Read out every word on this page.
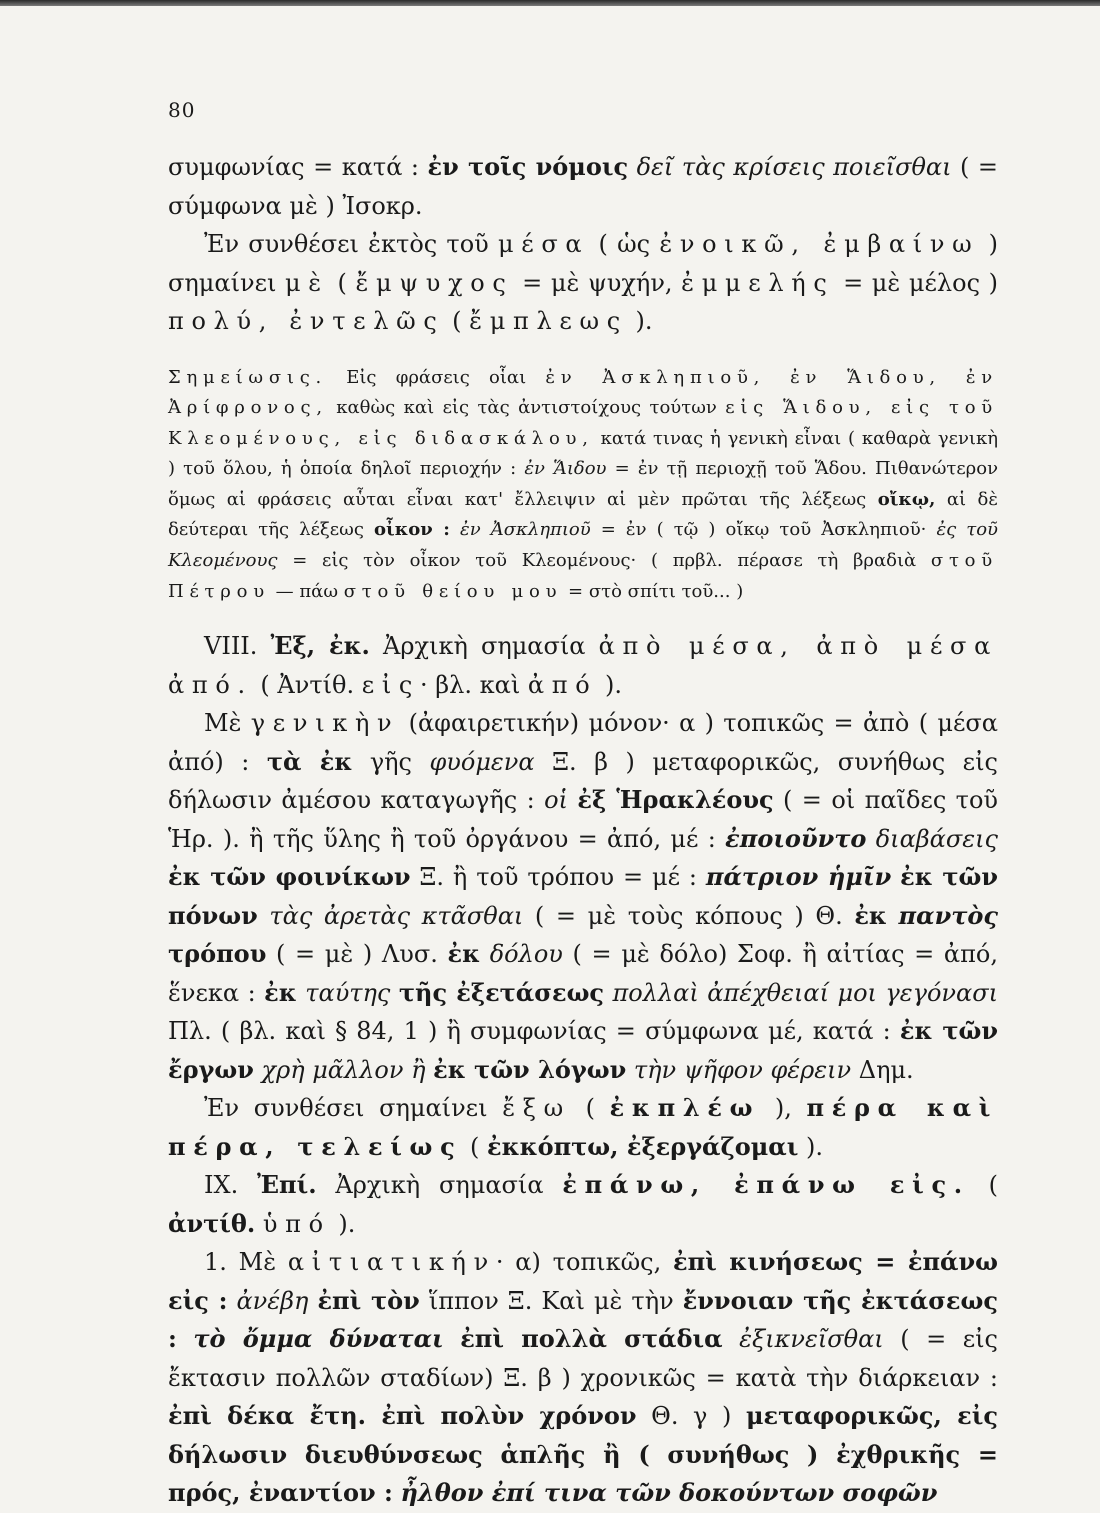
80
συμφωνίας = κατά : ἐν τοῖς νόμοις δεῖ τὰς κρίσεις ποιεῖσθαι ( = σύμφωνα μὲ ) Ἰσοκρ.
Ἐν συνθέσει ἐκτὸς τοῦ μέσα ( ὡς ἐνοικῶ, ἐμβαίνω ) σημαίνει μὲ ( ἔμψυχος = μὲ ψυχήν, ἐμμελής = μὲ μέλος ) πολύ, ἐντελῶς ( ἔμπλεως ).
Σημείωσις. Εἰς φράσεις οἷαι ἐν Ἀσκληπιοῦ, ἐν Ἅιδου, ἐν Ἀρίφρονος, καθὼς καὶ εἰς τὰς ἀντιστοίχους τούτων εἰς Ἅιδου, εἰς τοῦ Κλεομένους, εἰς διδασκάλου, κατά τινας ἡ γενικὴ εἶναι ( καθαρὰ γενικὴ ) τοῦ ὅλου, ἡ ὁποία δηλοῖ περιοχήν : ἐν Ἅιδου = ἐν τῇ περιοχῇ τοῦ Ἅδου. Πιθανώτερον ὅμως αἱ φράσεις αὗται εἶναι κατ' ἔλλειψιν αἱ μὲν πρῶται τῆς λέξεως οἴκῳ, αἱ δὲ δεύτεραι τῆς λέξεως οἶκον : ἐν Ἀσκληπιοῦ = ἐν ( τῷ ) οἴκῳ τοῦ Ἀσκληπιοῦ· ἐς τοῦ Κλεομένους = εἰς τὸν οἶκον τοῦ Κλεομένους· ( πρβλ. πέρασε τὴ βραδιὰ στοῦ Πέτρου — πάω στοῦ θείου μου = στὸ σπίτι τοῦ... )
VIII. Ἐξ, ἐκ. Ἀρχικὴ σημασία ἀπὸ μέσα, ἀπὸ μέσα ἀπό. ( Ἀντίθ. εἰς· βλ. καὶ ἀπό ).
Μὲ γενικὴν (ἀφαιρετικήν) μόνον· α ) τοπικῶς = ἀπὸ ( μέσα ἀπό) : τὰ ἐκ γῆς φυόμενα Ξ. β ) μεταφορικῶς, συνήθως εἰς δήλωσιν ἀμέσου καταγωγῆς : οἱ ἐξ Ἡρακλέους ( = οἱ παῖδες τοῦ Ἡρ. ). ἢ τῆς ὕλης ἢ τοῦ ὀργάνου = ἀπό, μέ : ἐποιοῦντο διαβάσεις ἐκ τῶν φοινίκων Ξ. ἢ τοῦ τρόπου = μέ : πάτριον ἡμῖν ἐκ τῶν πόνων τὰς ἀρετὰς κτᾶσθαι ( = μὲ τοὺς κόπους ) Θ. ἐκ παντὸς τρόπου ( = μὲ ) Λυσ. ἐκ δόλου ( = μὲ δόλο) Σοφ. ἢ αἰτίας = ἀπό, ἕνεκα : ἐκ ταύτης τῆς ἐξετάσεως πολλαὶ ἀπέχθειαί μοι γεγόνασι Πλ. ( βλ. καὶ § 84, 1 ) ἢ συμφωνίας = σύμφωνα μέ, κατά : ἐκ τῶν ἔργων χρὴ μᾶλλον ἢ ἐκ τῶν λόγων τὴν ψῆφον φέρειν Δημ.
Ἐν συνθέσει σημαίνει ἔξω ( ἐκπλέω ), πέρα καὶ πέρα, τελείως ( ἐκκόπτω, ἐξεργάζομαι ).
IX. Ἐπί. Ἀρχικὴ σημασία ἐπάνω, ἐπάνω εἰς. ( ἀντίθ. ὑπό ).
1. Μὲ αἰτιατικήν· α) τοπικῶς, ἐπὶ κινήσεως = ἐπάνω εἰς : ἀνέβη ἐπὶ τὸν ἵππον Ξ. Καὶ μὲ τὴν ἔννοιαν τῆς ἐκτάσεως : τὸ ὄμμα δύναται ἐπὶ πολλὰ στάδια ἐξικνεῖσθαι ( = εἰς ἔκτασιν πολλῶν σταδίων) Ξ. β ) χρονικῶς = κατὰ τὴν διάρκειαν : ἐπὶ δέκα ἔτη. ἐπὶ πολὺν χρόνον Θ. γ ) μεταφορικῶς, εἰς δήλωσιν διευθύνσεως ἁπλῆς ἢ ( συνήθως ) ἐχθρικῆς = πρός, ἐναντίον : ἦλθον ἐπί τινα τῶν δοκούντων σοφῶν
